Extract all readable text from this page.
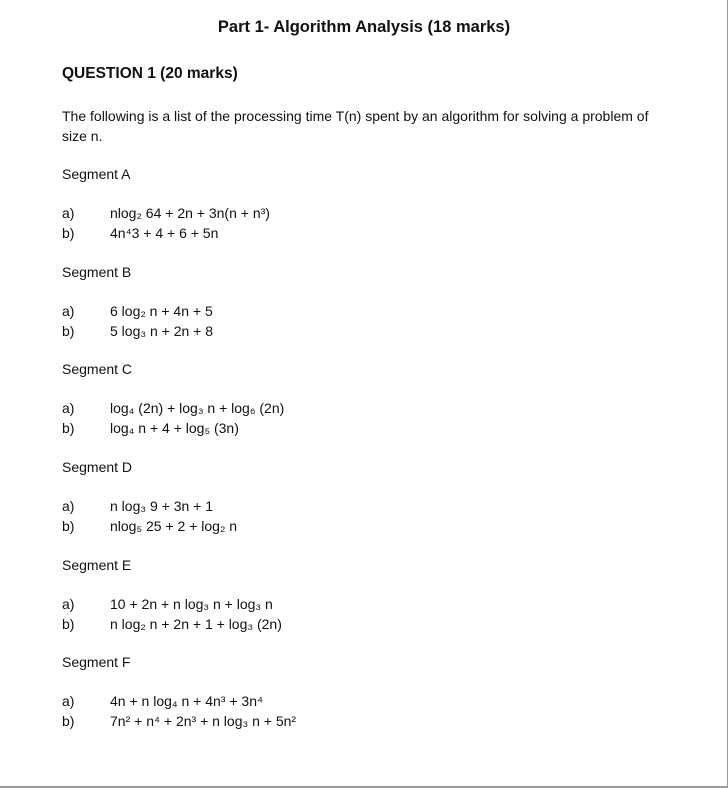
Part 1- Algorithm Analysis (18 marks)
QUESTION 1 (20 marks)
The following is a list of the processing time T(n) spent by an algorithm for solving a problem of size n.
Segment A
a)	nlog₂ 64 + 2n + 3n(n + n³)
b)	4n⁴3 + 4 + 6 + 5n
Segment B
a)	6 log₂ n + 4n + 5
b)	5 log₃ n + 2n + 8
Segment C
a)	log₄ (2n) + log₃ n + log₆ (2n)
b)	log₄ n + 4 + log₅ (3n)
Segment D
a)	n log₃ 9 + 3n + 1
b)	nlog₅ 25 + 2 + log₂ n
Segment E
a)	10 + 2n + n log₃ n + log₃ n
b)	n log₂ n + 2n + 1 + log₃ (2n)
Segment F
a)	4n + n log₄ n + 4n³ + 3n⁴
b)	7n² + n⁴ + 2n³ + n log₃ n + 5n²
